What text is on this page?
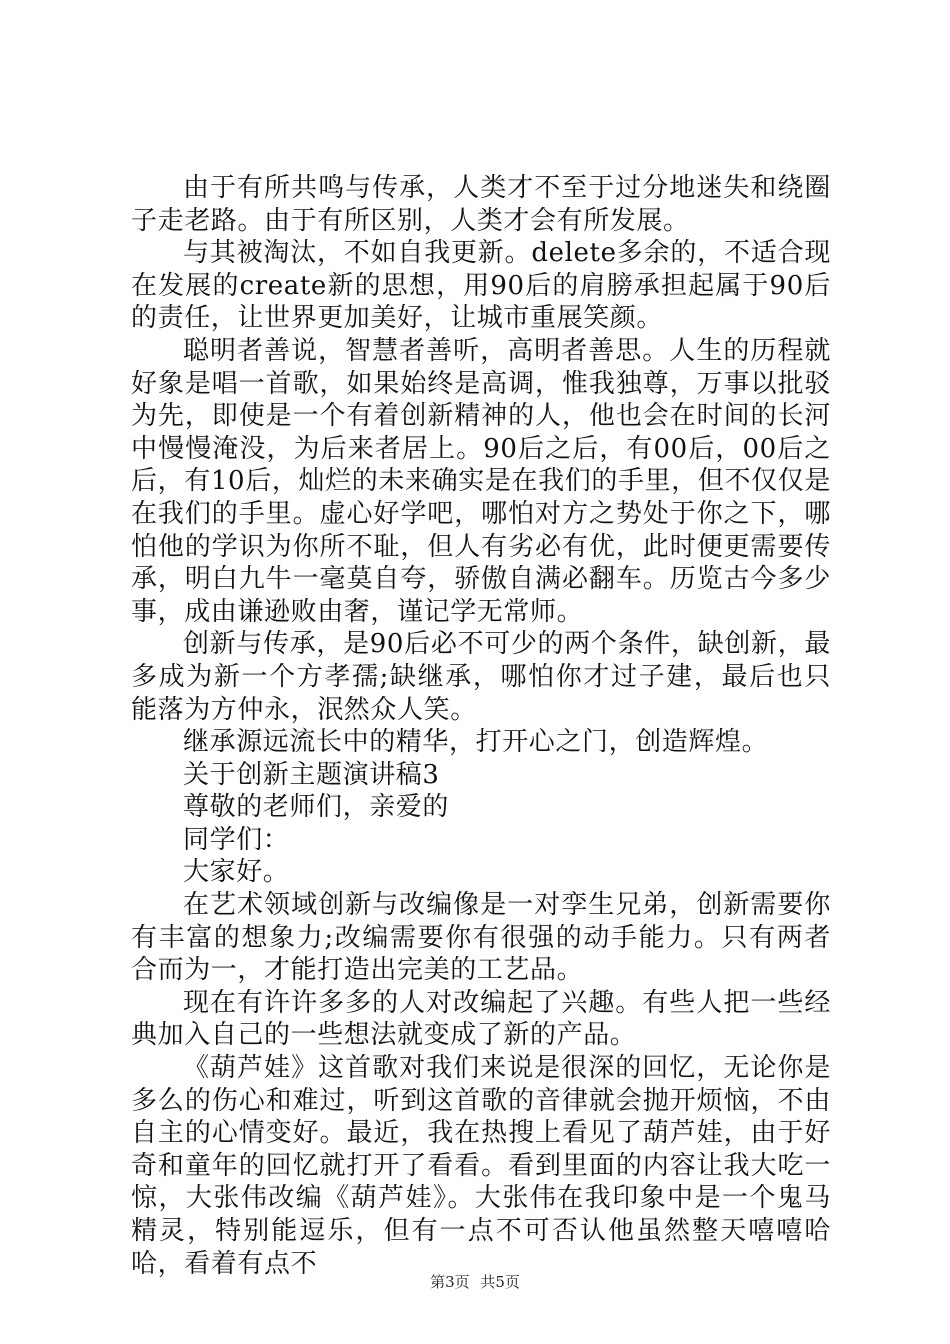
由于有所共鸣与传承，人类才不至于过分地迷失和绕圈子走老路。由于有所区别，人类才会有所发展。

与其被淘汰，不如自我更新。delete多余的，不适合现在发展的create新的思想，用90后的肩膀承担起属于90后的责任，让世界更加美好，让城市重展笑颜。

聪明者善说，智慧者善听，高明者善思。人生的历程就好象是唱一首歌，如果始终是高调，惟我独尊，万事以批驳为先，即使是一个有着创新精神的人，他也会在时间的长河中慢慢淹没，为后来者居上。90后之后，有00后，00后之后，有10后，灿烂的未来确实是在我们的手里，但不仅仅是在我们的手里。虚心好学吧，哪怕对方之势处于你之下，哪怕他的学识为你所不耻，但人有劣必有优，此时便更需要传承，明白九牛一毫莫自夸，骄傲自满必翻车。历览古今多少事，成由谦逊败由奢，谨记学无常师。

创新与传承，是90后必不可少的两个条件，缺创新，最多成为新一个方孝孺;缺继承，哪怕你才过子建，最后也只能落为方仲永，泯然众人笑。

继承源远流长中的精华，打开心之门，创造辉煌。

关于创新主题演讲稿3

尊敬的老师们，亲爱的

同学们：

大家好。

在艺术领域创新与改编像是一对孪生兄弟，创新需要你有丰富的想象力;改编需要你有很强的动手能力。只有两者合而为一，才能打造出完美的工艺品。

现在有许许多多的人对改编起了兴趣。有些人把一些经典加入自己的一些想法就变成了新的产品。

《葫芦娃》这首歌对我们来说是很深的回忆，无论你是多么的伤心和难过，听到这首歌的音律就会抛开烦恼，不由自主的心情变好。最近，我在热搜上看见了葫芦娃，由于好奇和童年的回忆就打开了看看。看到里面的内容让我大吃一惊，大张伟改编《葫芦娃》。大张伟在我印象中是一个鬼马精灵，特别能逗乐，但有一点不可否认他虽然整天嘻嘻哈哈，看着有点不

第3页 共5页
